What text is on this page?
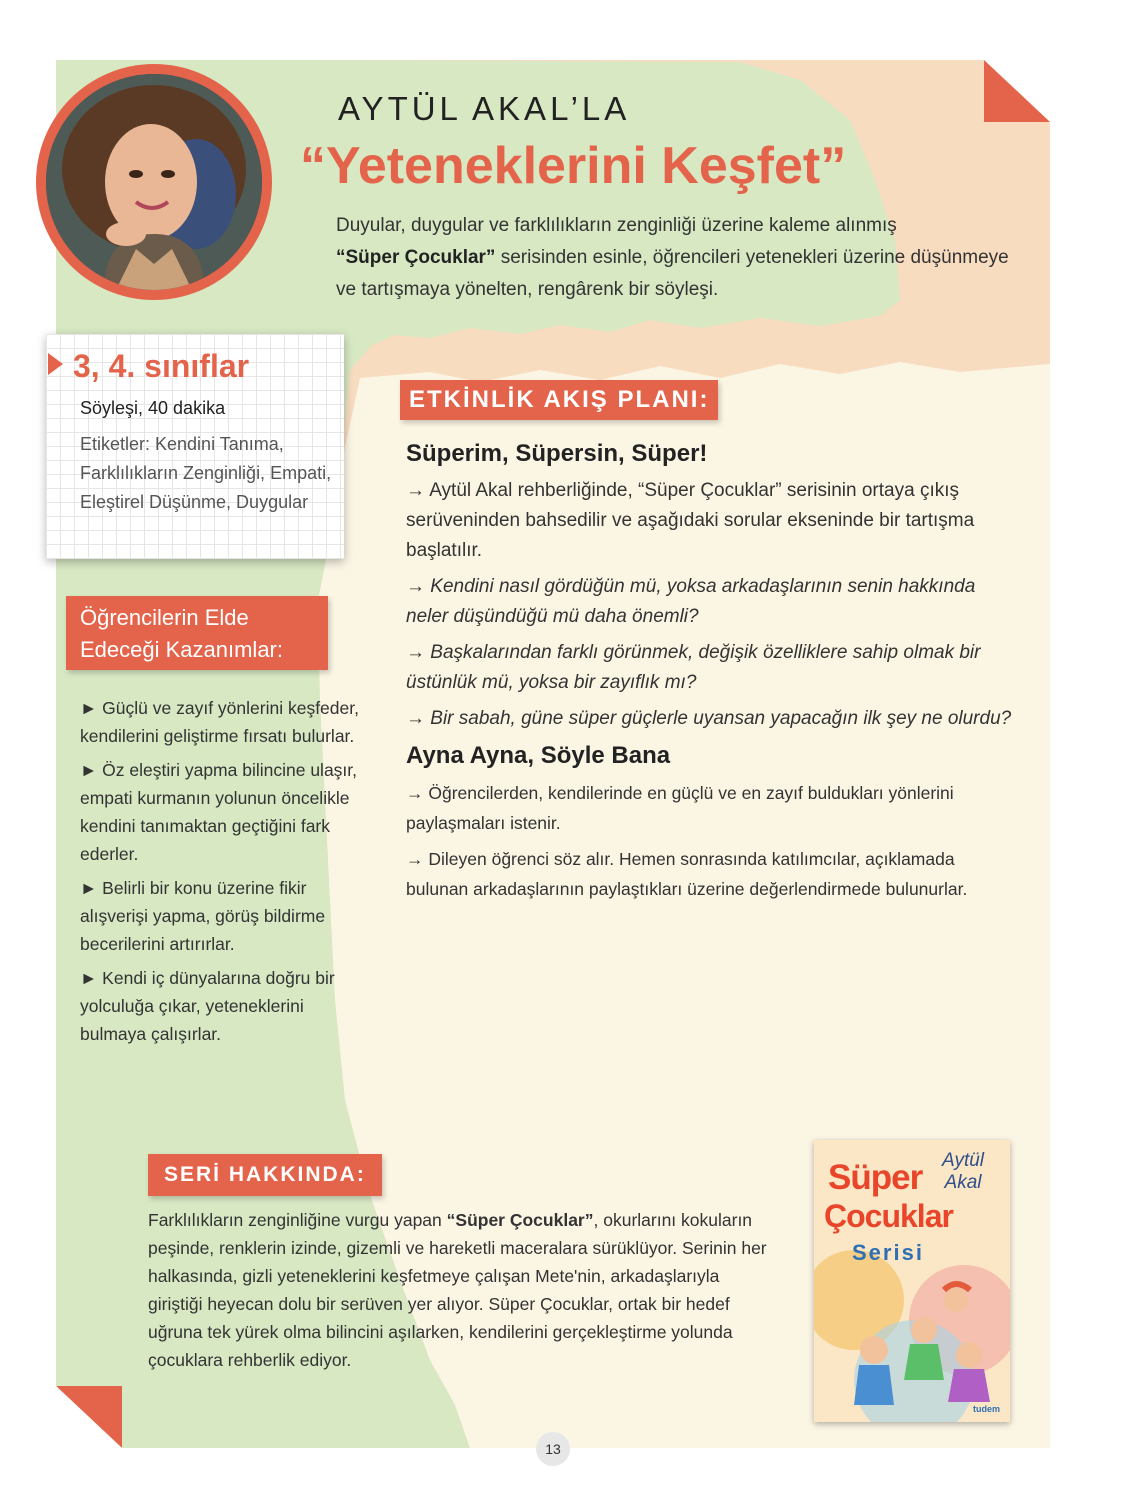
AYTÜL AKAL’LA
“Yeteneklerini Keşfet”
Duyular, duygular ve farklılıkların zenginliği üzerine kaleme alınmış
“Süper Çocuklar” serisinden esinle, öğrencileri yetenekleri üzerine düşünmeye ve tartışmaya yönelten, rengârenk bir söyleşi.
3, 4. sınıflar
Söyleşi, 40 dakika
Etiketler: Kendini Tanıma, Farklılıkların Zenginliği, Empati, Eleştirel Düşünme, Duygular
ETKİNLİK AKIŞ PLANI:
Öğrencilerin Elde
Edeceği Kazanımlar:

► Güçlü ve zayıf yönlerini keşfeder, kendilerini geliştirme fırsatı bulurlar.

► Öz eleştiri yapma bilincine ulaşır, empati kurmanın yolunun öncelikle kendini tanımaktan geçtiğini fark ederler.

► Belirli bir konu üzerine fikir alışverişi yapma, görüş bildirme becerilerini artırırlar.

► Kendi iç dünyalarına doğru bir yolculuğa çıkar, yeteneklerini bulmaya çalışırlar.

Süperim, Süpersin, Süper!

→ Aytül Akal rehberliğinde, “Süper Çocuklar” serisinin ortaya çıkış serüveninden bahsedilir ve aşağıdaki sorular ekseninde bir tartışma başlatılır.

→ Kendini nasıl gördüğün mü, yoksa arkadaşlarının senin hakkında neler düşündüğü mü daha önemli?

→ Başkalarından farklı görünmek, değişik özelliklere sahip olmak bir üstünlük mü, yoksa bir zayıflık mı?

→ Bir sabah, güne süper güçlerle uyansan yapacağın ilk şey ne olurdu?

Ayna Ayna, Söyle Bana

→ Öğrencilerden, kendilerinde en güçlü ve en zayıf buldukları yönlerini paylaşmaları istenir.

→ Dileyen öğrenci söz alır. Hemen sonrasında katılımcılar, açıklamada bulunan arkadaşlarının paylaştıkları üzerine değerlendirmede bulunurlar.

SERİ HAKKINDA:
Farklılıkların zenginliğine vurgu yapan “Süper Çocuklar”, okurlarını kokuların peşinde, renklerin izinde, gizemli ve hareketli maceralara sürüklüyor. Serinin her halkasında, gizli yeteneklerini keşfetmeye çalışan Mete'nin, arkadaşlarıyla giriştiği heyecan dolu bir serüven yer alıyor. Süper Çocuklar, ortak bir hedef uğruna tek yürek olma bilincini aşılarken, kendilerini gerçekleştirme yolunda çocuklara rehberlik ediyor.
Aytül
Akal
Süper
Çocuklar
Serisi
tudem
13
